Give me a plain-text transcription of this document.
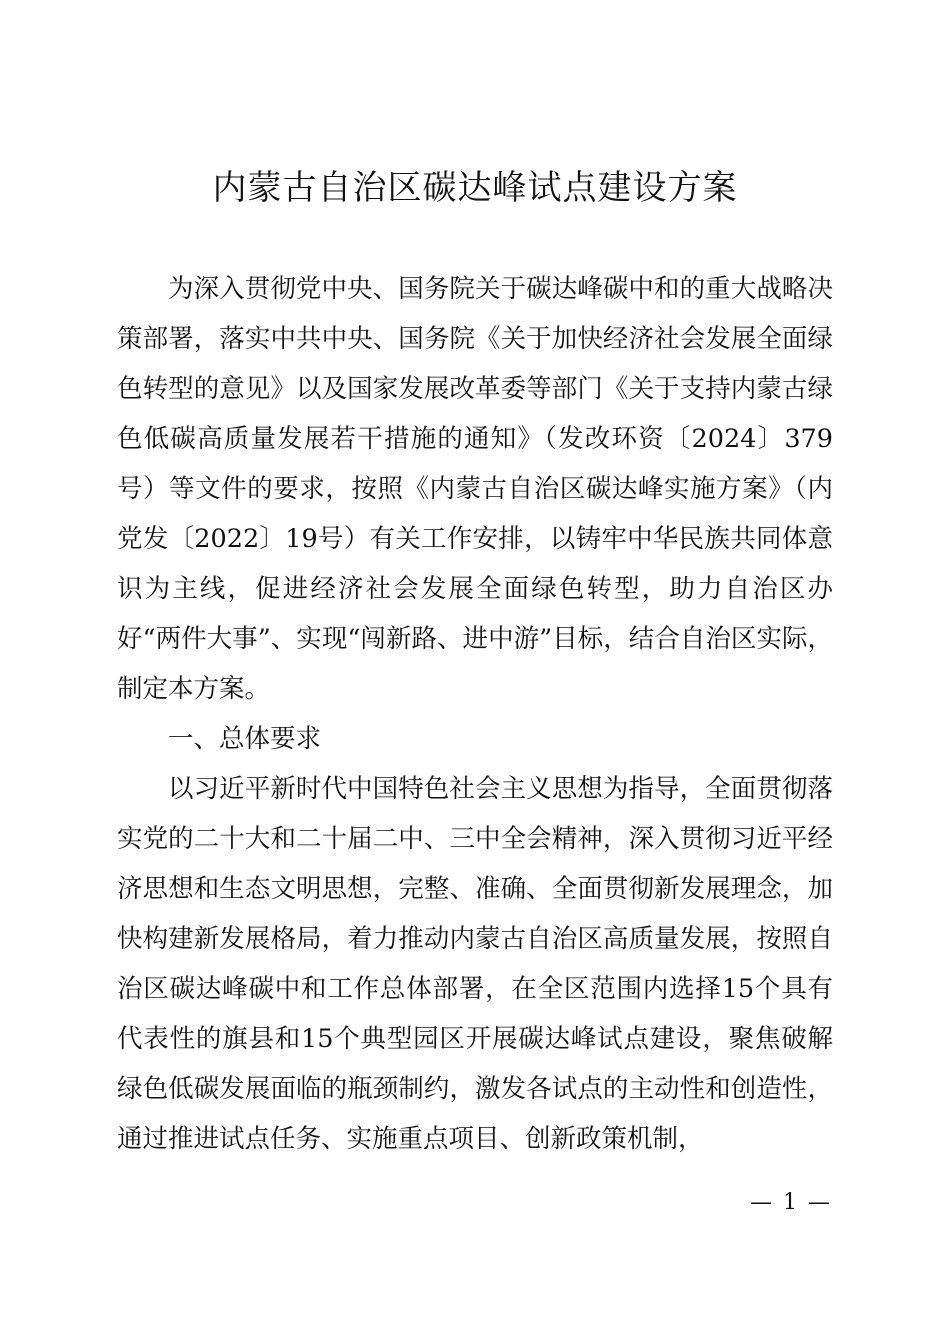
内蒙古自治区碳达峰试点建设方案

为深入贯彻党中央、国务院关于碳达峰碳中和的重大战略决策部署，落实中共中央、国务院《关于加快经济社会发展全面绿色转型的意见》以及国家发展改革委等部门《关于支持内蒙古绿色低碳高质量发展若干措施的通知》（发改环资〔2024〕379号）等文件的要求，按照《内蒙古自治区碳达峰实施方案》（内党发〔2022〕19号）有关工作安排，以铸牢中华民族共同体意识为主线，促进经济社会发展全面绿色转型，助力自治区办好“两件大事”、实现“闯新路、进中游”目标，结合自治区实际，制定本方案。

一、总体要求

以习近平新时代中国特色社会主义思想为指导，全面贯彻落实党的二十大和二十届二中、三中全会精神，深入贯彻习近平经济思想和生态文明思想，完整、准确、全面贯彻新发展理念，加快构建新发展格局，着力推动内蒙古自治区高质量发展，按照自治区碳达峰碳中和工作总体部署，在全区范围内选择15个具有代表性的旗县和15个典型园区开展碳达峰试点建设，聚焦破解绿色低碳发展面临的瓶颈制约，激发各试点的主动性和创造性，通过推进试点任务、实施重点项目、创新政策机制，

— 1 —
